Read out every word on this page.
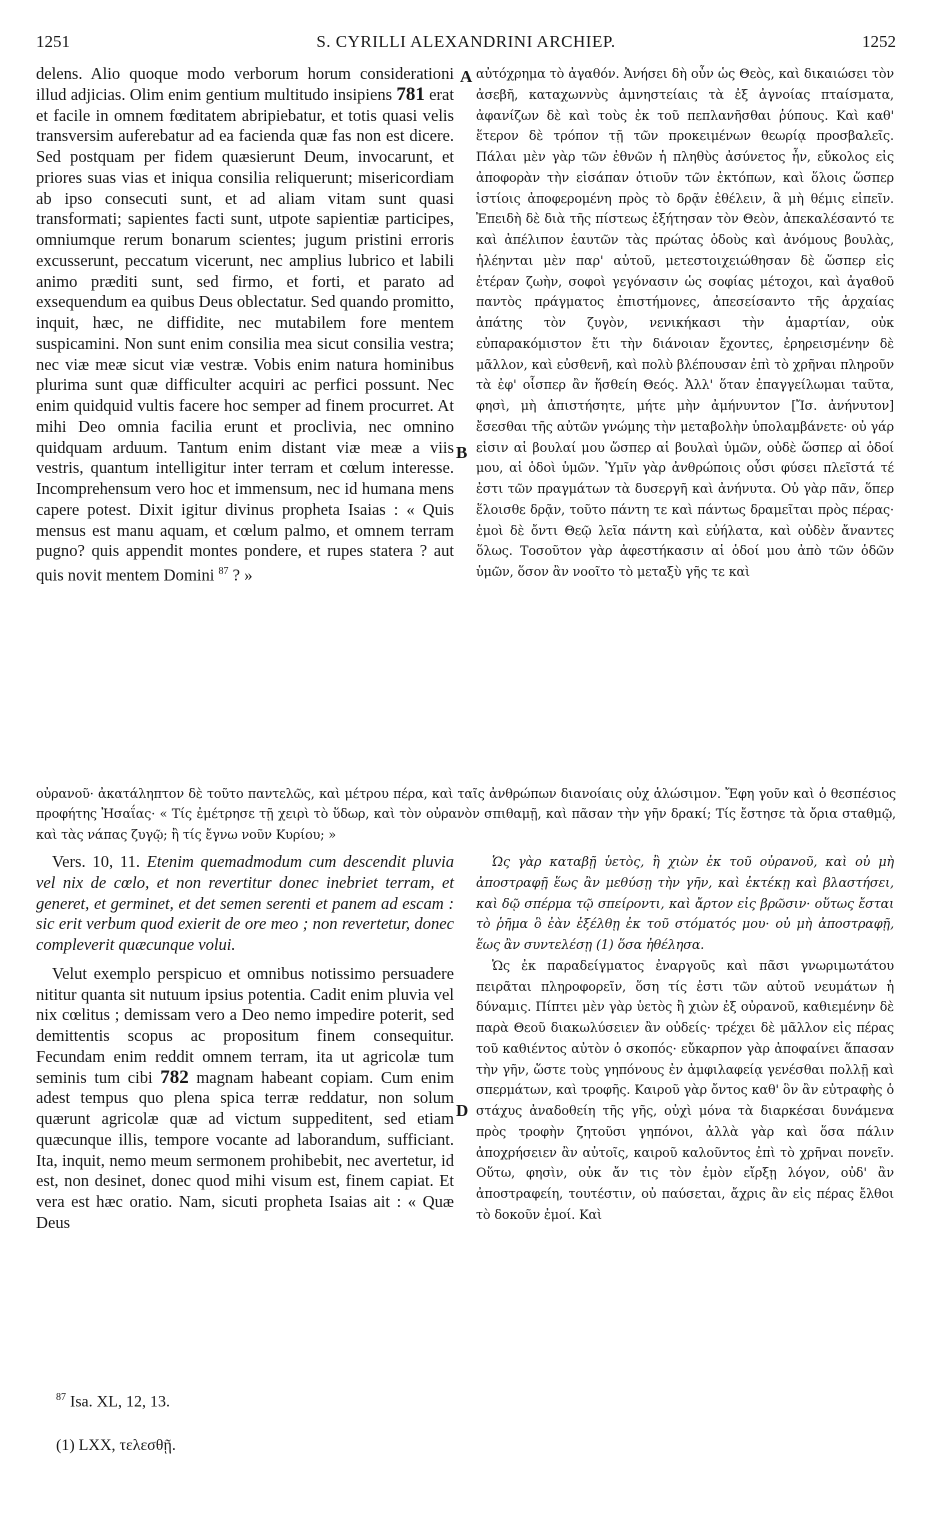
1251	S. CYRILLI ALEXANDRINI ARCHIEP.	1252

delens. Alio quoque modo verborum horum considerationi illud adjicias. Olim enim gentium multitudo insipiens 781 erat et facile in omnem fœditatem abripiebatur, et totis quasi velis transversim auferebatur ad ea facienda quæ fas non est dicere. Sed postquam per fidem quæsierunt Deum, invocarunt, et priores suas vias et iniqua consilia reliquerunt; misericordiam ab ipso consecuti sunt, et ad aliam vitam sunt quasi transformati; sapientes facti sunt, utpote sapientiæ participes, omniumque rerum bonarum scientes; jugum pristini erroris excusserunt, peccatum vicerunt, nec amplius lubrico et labili animo præditi sunt, sed firmo, et forti, et parato ad exsequendum ea quibus Deus oblectatur. Sed quando promitto, inquit, hæc, ne diffidite, nec mutabilem fore mentem suspicamini. Non sunt enim consilia mea sicut consilia vestra; nec viæ meæ sicut viæ vestræ. Vobis enim natura hominibus plurima sunt quæ difficulter acquiri ac perfici possunt. Nec enim quidquid vultis facere hoc semper ad finem procurret. At mihi Deo omnia facilia erunt et proclivia, nec omnino quidquam arduum. Tantum enim distant viæ meæ a viis vestris, quantum intelligitur inter terram et cœlum interesse. Incomprehensum vero hoc et immensum, nec id humana mens capere potest. Dixit igitur divinus propheta Isaias : « Quis mensus est manu aquam, et cœlum palmo, et omnem terram pugno? quis appendit montes pondere, et rupes statera ? aut quis novit mentem Domini $^{87}$ ? »

A
B

αὐτόχρημα τὸ ἀγαθόν. Ἀνήσει δὴ οὖν ὡς Θεὸς, καὶ δικαιώσει τὸν ἀσεβῆ, καταχωννὺς ἀμνηστείαις τὰ ἐξ ἀγνοίας πταίσματα, ἀφανίζων δὲ καὶ τοὺς ἐκ τοῦ πεπλανῆσθαι ῥύπους. Καὶ καθ' ἕτερον δὲ τρόπον τῇ τῶν προκειμένων θεωρίᾳ προσβαλεῖς. Πάλαι μὲν γὰρ τῶν ἐθνῶν ἡ πληθὺς ἀσύνετος ἦν, εὔκολος εἰς ἀποφορὰν τὴν εἰσάπαν ὁτιοῦν τῶν ἐκτόπων, καὶ ὅλοις ὥσπερ ἱστίοις ἀποφερομένη πρὸς τὸ δρᾷν ἐθέλειν, ἃ μὴ θέμις εἰπεῖν. Ἐπειδὴ δὲ διὰ τῆς πίστεως ἐξήτησαν τὸν Θεὸν, ἀπεκαλέσαντό τε καὶ ἀπέλιπον ἑαυτῶν τὰς πρώτας ὁδοὺς καὶ ἀνόμους βουλὰς, ἠλέηνται μὲν παρ' αὐτοῦ, μετεστοιχειώθησαν δὲ ὥσπερ εἰς ἑτέραν ζωὴν, σοφοὶ γεγόνασιν ὡς σοφίας μέτοχοι, καὶ ἀγαθοῦ παντὸς πράγματος ἐπιστήμονες, ἀπεσείσαντο τῆς ἀρχαίας ἀπάτης τὸν ζυγὸν, νενικήκασι τὴν ἁμαρτίαν, οὐκ εὐπαρακόμιστον ἔτι τὴν διάνοιαν ἔχοντες, ἐρηρεισμένην δὲ μᾶλλον, καὶ εὐσθενῆ, καὶ πολὺ βλέπουσαν ἐπὶ τὸ χρῆναι πληροῦν τὰ ἐφ' οἷσπερ ἂν ἥσθείη Θεός. Ἀλλ' ὅταν ἐπαγγείλωμαι ταῦτα, φησὶ, μὴ ἀπιστήσητε, μήτε μὴν ἀμήνυντον [Ἴσ. ἀνήνυτον] ἔσεσθαι τῆς αὐτῶν γνώμης τὴν μεταβολὴν ὑπολαμβάνετε· οὐ γάρ εἰσιν αἱ βουλαί μου ὥσπερ αἱ βουλαὶ ὑμῶν, οὐδὲ ὥσπερ αἱ ὁδοί μου, αἱ ὁδοὶ ὑμῶν. Ὑμῖν γὰρ ἀνθρώποις οὖσι φύσει πλεῖστά τέ ἐστι τῶν πραγμάτων τὰ δυσεργῆ καὶ ἀνήνυτα. Οὐ γὰρ πᾶν, ὅπερ ἕλοισθε δρᾷν, τοῦτο πάντη τε καὶ πάντως δραμεῖται πρὸς πέρας· ἐμοὶ δὲ ὄντι Θεῷ λεῖα πάντη καὶ εὐήλατα, καὶ οὐδὲν ἄναντες ὅλως. Τοσοῦτον γὰρ ἀφεστήκασιν αἱ ὁδοί μου ἀπὸ τῶν ὁδῶν ὑμῶν, ὅσον ἂν νοοῖτο τὸ μεταξὺ γῆς τε καὶ

οὐρανοῦ· ἀκατάληπτον δὲ τοῦτο παντελῶς, καὶ μέτρου πέρα, καὶ ταῖς ἀνθρώπων διανοίαις οὐχ ἁλώσιμον. Ἔφη γοῦν καὶ ὁ θεσπέσιος προφήτης Ἠσαΐας· « Τίς ἐμέτρησε τῇ χειρὶ τὸ ὕδωρ, καὶ τὸν οὐρανὸν σπιθαμῇ, καὶ πᾶσαν τὴν γῆν δρακί; Τίς ἔστησε τὰ ὄρια σταθμῷ, καὶ τὰς νάπας ζυγῷ; ἢ τίς ἔγνω νοῦν Κυρίου; »

Vers. 10, 11. Etenim quemadmodum cum descendit pluvia vel nix de cœlo, et non revertitur donec inebriet terram, et generet, et germinet, et det semen serenti et panem ad escam : sic erit verbum quod exierit de ore meo ; non revertetur, donec compleverit quæcunque volui.

Velut exemplo perspicuo et omnibus notissimo persuadere nititur quanta sit nutuum ipsius potentia. Cadit enim pluvia vel nix cœlitus ; demissam vero a Deo nemo impedire poterit, sed demittentis scopus ac propositum finem consequitur. Fecundam enim reddit omnem terram, ita ut agricolæ tum seminis tum cibi 782 magnam habeant copiam. Cum enim adest tempus quo plena spica terræ reddatur, non solum quærunt agricolæ quæ ad victum suppeditent, sed etiam quæcunque illis, tempore vocante ad laborandum, sufficiant. Ita, inquit, nemo meum sermonem prohibebit, nec avertetur, id est, non desinet, donec quod mihi visum est, finem capiat. Et vera est hæc oratio. Nam, sicuti propheta Isaias ait : « Quæ Deus

D

Ὡς γὰρ καταβῇ ὑετὸς, ἢ χιὼν ἐκ τοῦ οὐρανοῦ, καὶ οὐ μὴ ἀποστραφῇ ἕως ἂν μεθύσῃ τὴν γῆν, καὶ ἐκτέκῃ καὶ βλαστήσει, καὶ δῷ σπέρμα τῷ σπείροντι, καὶ ἄρτον εἰς βρῶσιν· οὕτως ἔσται τὸ ῥῆμα ὃ ἐὰν ἐξέλθῃ ἐκ τοῦ στόματός μου· οὐ μὴ ἀποστραφῇ, ἕως ἂν συντελέσῃ (1) ὅσα ἠθέλησα.

Ὡς ἐκ παραδείγματος ἐναργοῦς καὶ πᾶσι γνωριμωτάτου πειρᾶται πληροφορεῖν, ὅση τίς ἐστι τῶν αὐτοῦ νευμάτων ἡ δύναμις. Πίπτει μὲν γὰρ ὑετὸς ἢ χιὼν ἐξ οὐρανοῦ, καθιεμένην δὲ παρὰ Θεοῦ διακωλύσειεν ἂν οὐδείς· τρέχει δὲ μᾶλλον εἰς πέρας τοῦ καθιέντος αὐτὸν ὁ σκοπός· εὔκαρπον γὰρ ἀποφαίνει ἅπασαν τὴν γῆν, ὥστε τοὺς γηπόνους ἐν ἀμφιλαφείᾳ γενέσθαι πολλῇ καὶ σπερμάτων, καὶ τροφῆς. Καιροῦ γὰρ ὄντος καθ' ὃν ἂν εὐτραφὴς ὁ στάχυς ἀναδοθείη τῆς γῆς, οὐχὶ μόνα τὰ διαρκέσαι δυνάμενα πρὸς τροφὴν ζητοῦσι γηπόνοι, ἀλλὰ γὰρ καὶ ὅσα πάλιν ἀποχρήσειεν ἂν αὐτοῖς, καιροῦ καλοῦντος ἐπὶ τὸ χρῆναι πονεῖν. Οὕτω, φησὶν, οὐκ ἄν τις τὸν ἐμὸν εἴρξῃ λόγον, οὐδ' ἂν ἀποστραφείη, τουτέστιν, οὐ παύσεται, ἄχρις ἂν εἰς πέρας ἔλθοι τὸ δοκοῦν ἐμοί. Καὶ

$^{87}$ Isa. XL, 12, 13.
(1) LXX, τελεσθῇ.
